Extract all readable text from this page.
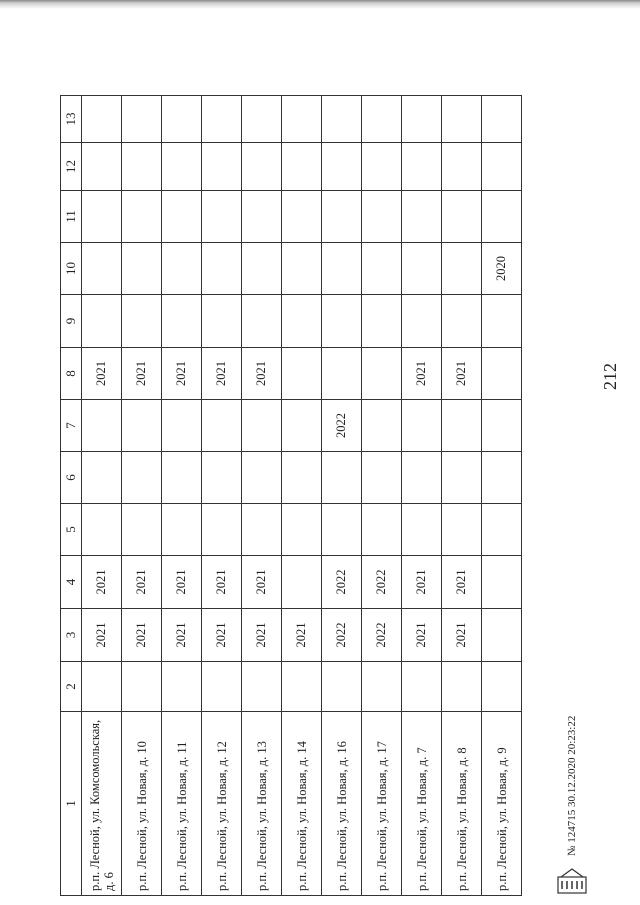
212
1	2	3	4	5	6	7	8	9	10	11	12	13
р.п. Лесной, ул. Комсомольская, д. 6		2021	2021				2021					
р.п. Лесной, ул. Новая, д. 10		2021	2021				2021					
р.п. Лесной, ул. Новая, д. 11		2021	2021				2021					
р.п. Лесной, ул. Новая, д. 12		2021	2021				2021					
р.п. Лесной, ул. Новая, д. 13		2021	2021				2021					
р.п. Лесной, ул. Новая, д. 14		2021										
р.п. Лесной, ул. Новая, д. 16		2022	2022			2022						
р.п. Лесной, ул. Новая, д. 17		2022	2022									
р.п. Лесной, ул. Новая, д. 7		2021	2021				2021					
р.п. Лесной, ул. Новая, д. 8		2021	2021				2021					
р.п. Лесной, ул. Новая, д. 9									2020			
№ 124715 30.12.2020 20:23:22
